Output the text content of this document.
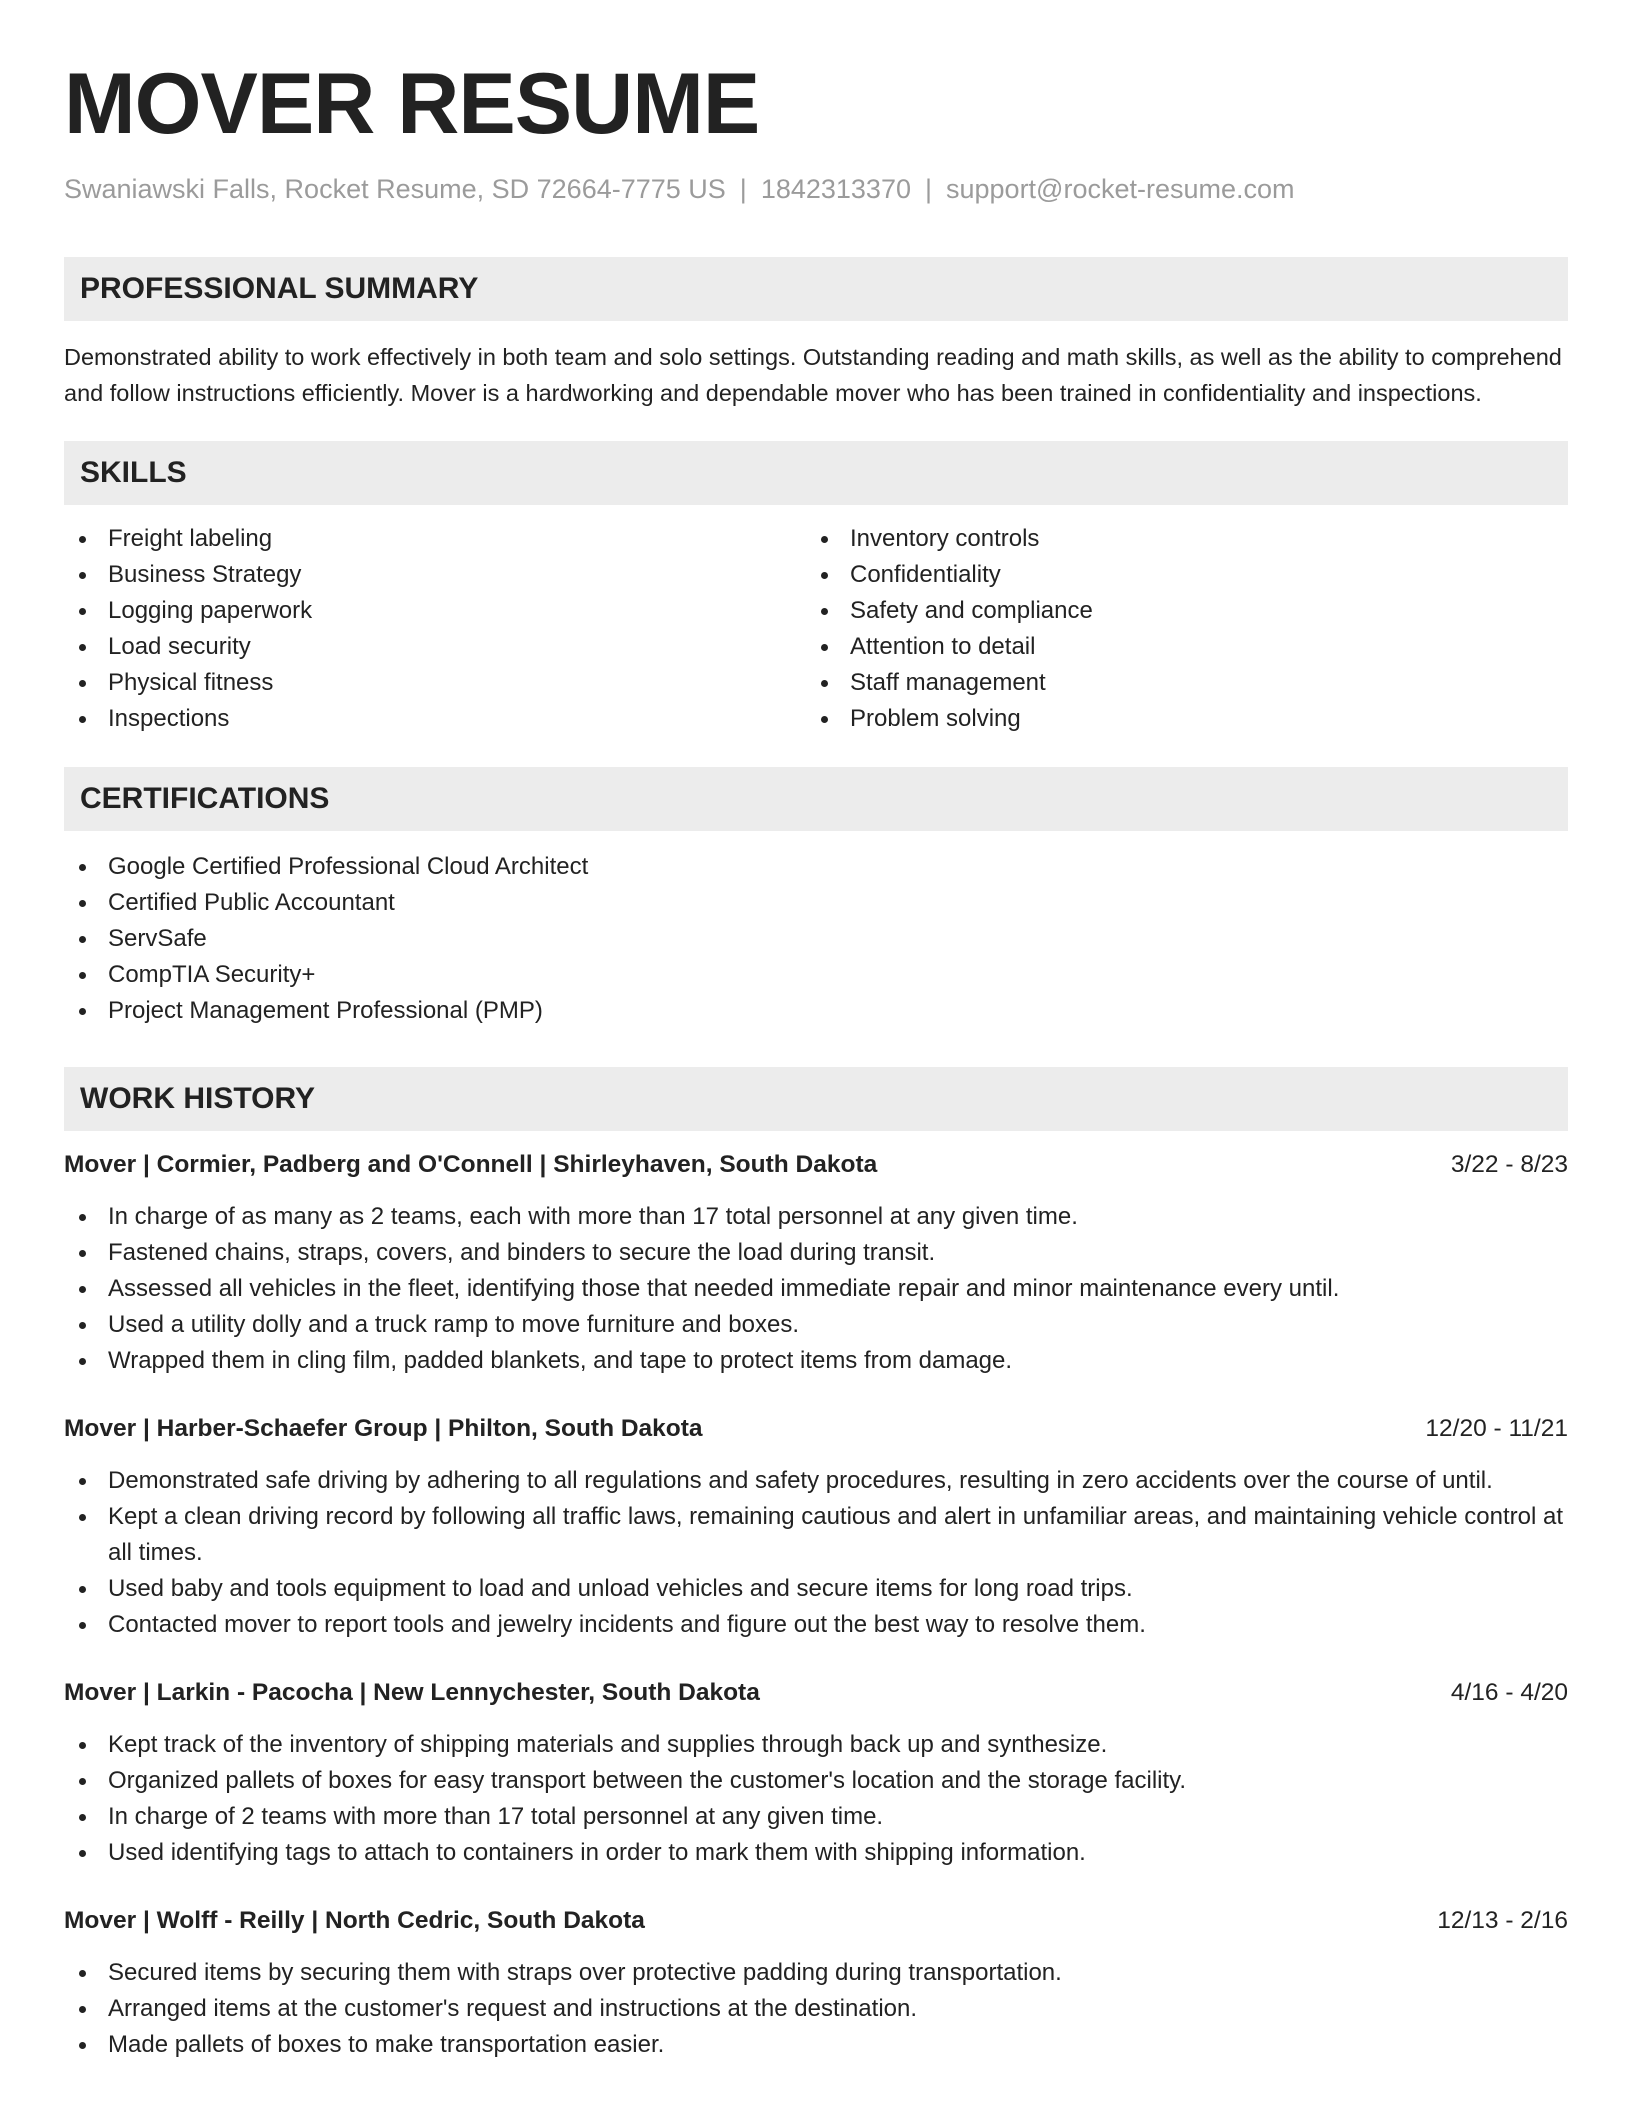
MOVER RESUME
Swaniawski Falls, Rocket Resume, SD 72664-7775 US | 1842313370 | support@rocket-resume.com
PROFESSIONAL SUMMARY

Demonstrated ability to work effectively in both team and solo settings. Outstanding reading and math skills, as well as the ability to comprehend and follow instructions efficiently. Mover is a hardworking and dependable mover who has been trained in confidentiality and inspections.

SKILLS
Freight labeling
Business Strategy
Logging paperwork
Load security
Physical fitness
Inspections
Inventory controls
Confidentiality
Safety and compliance
Attention to detail
Staff management
Problem solving
CERTIFICATIONS
Google Certified Professional Cloud Architect
Certified Public Accountant
ServSafe
CompTIA Security+
Project Management Professional (PMP)
WORK HISTORY
Mover | Cormier, Padberg and O'Connell | Shirleyhaven, South Dakota	3/22 - 8/23
In charge of as many as 2 teams, each with more than 17 total personnel at any given time.
Fastened chains, straps, covers, and binders to secure the load during transit.
Assessed all vehicles in the fleet, identifying those that needed immediate repair and minor maintenance every until.
Used a utility dolly and a truck ramp to move furniture and boxes.
Wrapped them in cling film, padded blankets, and tape to protect items from damage.
Mover | Harber-Schaefer Group | Philton, South Dakota	12/20 - 11/21
Demonstrated safe driving by adhering to all regulations and safety procedures, resulting in zero accidents over the course of until.
Kept a clean driving record by following all traffic laws, remaining cautious and alert in unfamiliar areas, and maintaining vehicle control at all times.
Used baby and tools equipment to load and unload vehicles and secure items for long road trips.
Contacted mover to report tools and jewelry incidents and figure out the best way to resolve them.
Mover | Larkin - Pacocha | New Lennychester, South Dakota	4/16 - 4/20
Kept track of the inventory of shipping materials and supplies through back up and synthesize.
Organized pallets of boxes for easy transport between the customer's location and the storage facility.
In charge of 2 teams with more than 17 total personnel at any given time.
Used identifying tags to attach to containers in order to mark them with shipping information.
Mover | Wolff - Reilly | North Cedric, South Dakota	12/13 - 2/16
Secured items by securing them with straps over protective padding during transportation.
Arranged items at the customer's request and instructions at the destination.
Made pallets of boxes to make transportation easier.
